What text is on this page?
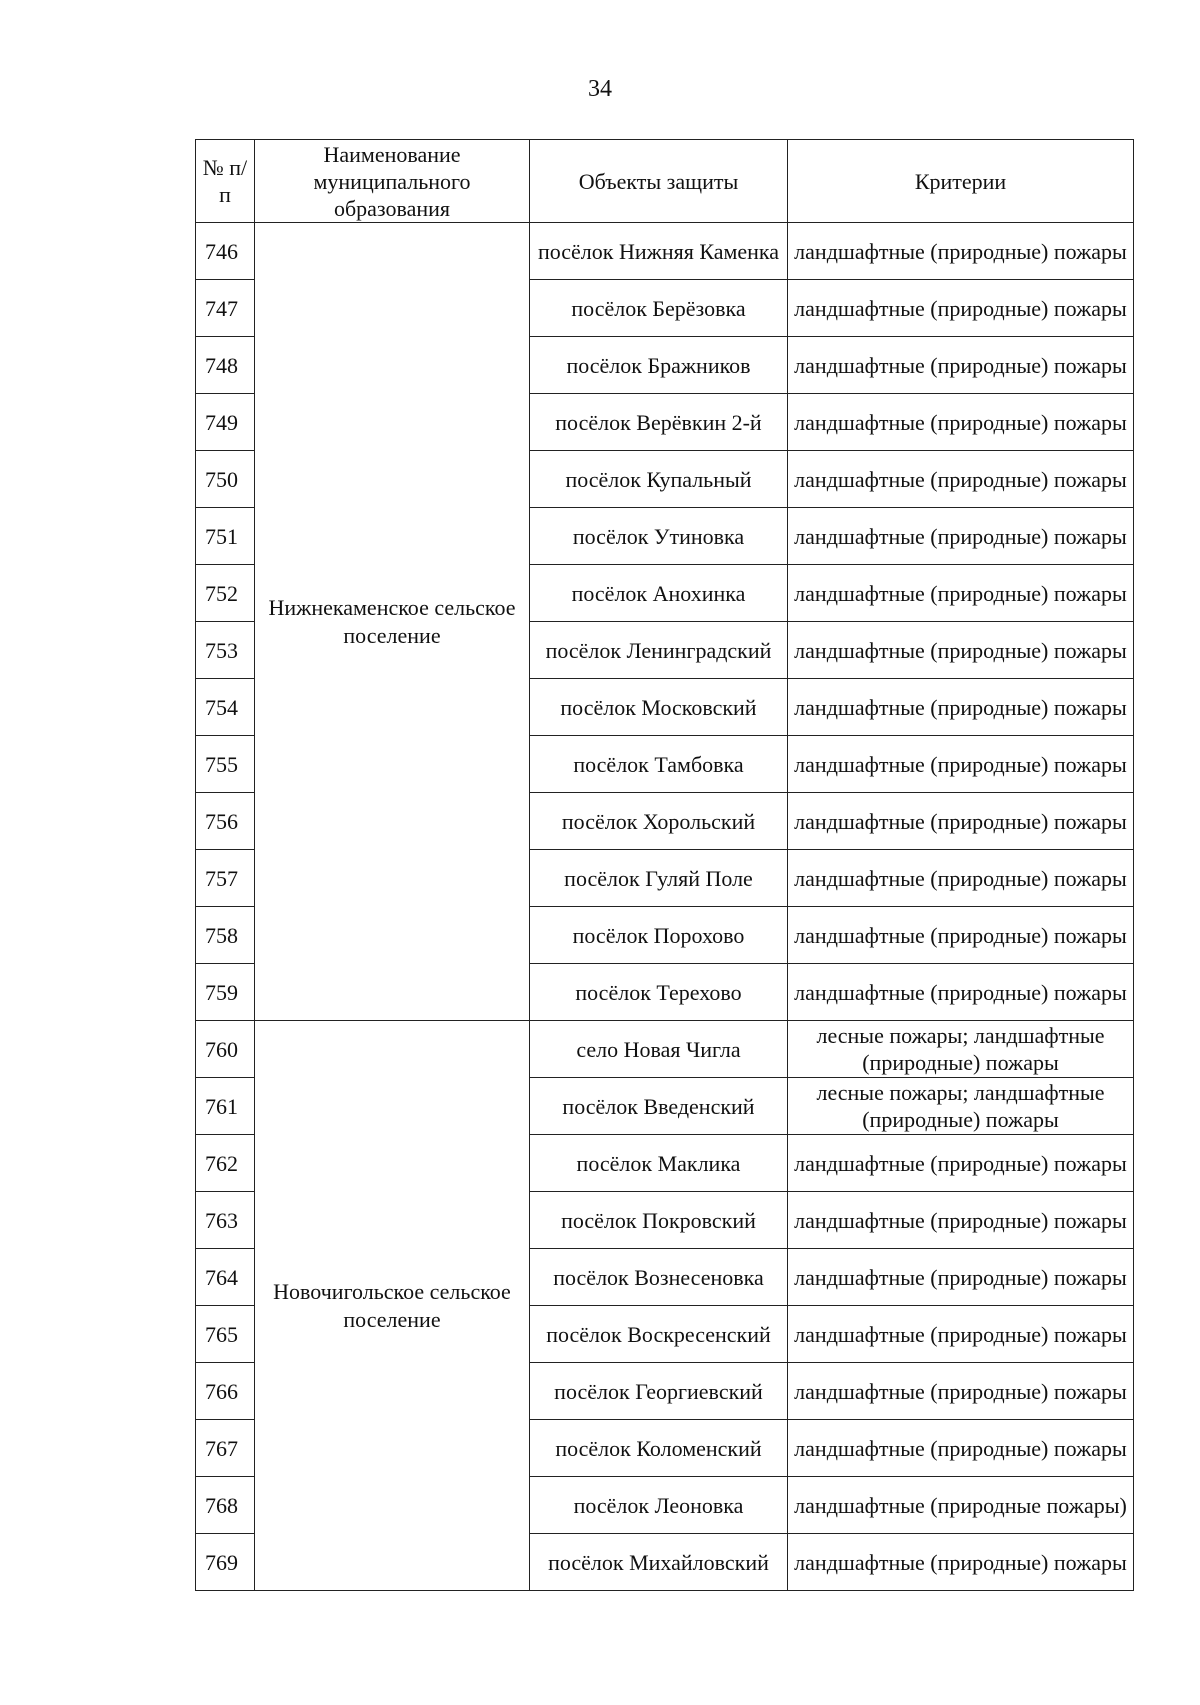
34
№ п/п	Наименование муниципального образования	Объекты защиты	Критерии
746	Нижнекаменское сельское поселение	посёлок Нижняя Каменка	ландшафтные (природные) пожары
747		посёлок Берёзовка	ландшафтные (природные) пожары
748		посёлок Бражников	ландшафтные (природные) пожары
749		посёлок Верёвкин 2-й	ландшафтные (природные) пожары
750		посёлок Купальный	ландшафтные (природные) пожары
751		посёлок Утиновка	ландшафтные (природные) пожары
752		посёлок Анохинка	ландшафтные (природные) пожары
753		посёлок Ленинградский	ландшафтные (природные) пожары
754		посёлок Московский	ландшафтные (природные) пожары
755		посёлок Тамбовка	ландшафтные (природные) пожары
756		посёлок Хорольский	ландшафтные (природные) пожары
757		посёлок Гуляй Поле	ландшафтные (природные) пожары
758		посёлок Порохово	ландшафтные (природные) пожары
759		посёлок Терехово	ландшафтные (природные) пожары
760	Новочигольское сельское поселение	село Новая Чигла	лесные пожары; ландшафтные (природные) пожары
761		посёлок Введенский	лесные пожары; ландшафтные (природные) пожары
762		посёлок Маклика	ландшафтные (природные) пожары
763		посёлок Покровский	ландшафтные (природные) пожары
764		посёлок Вознесеновка	ландшафтные (природные) пожары
765		посёлок Воскресенский	ландшафтные (природные) пожары
766		посёлок Георгиевский	ландшафтные (природные) пожары
767		посёлок Коломенский	ландшафтные (природные) пожары
768		посёлок Леоновка	ландшафтные (природные пожары)
769		посёлок Михайловский	ландшафтные (природные) пожары
